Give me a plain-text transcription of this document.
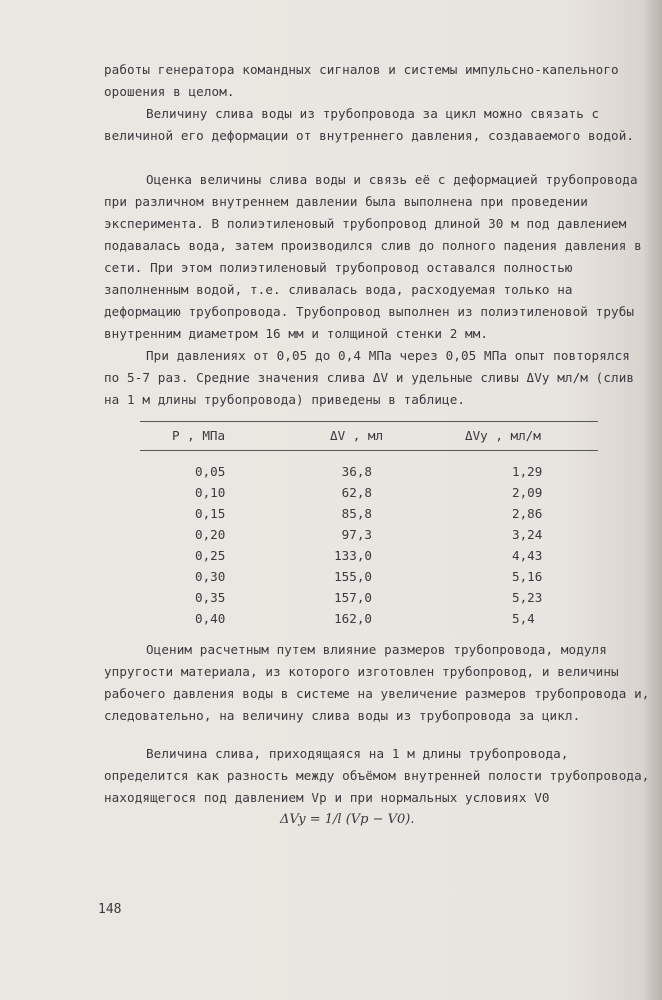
работы генератора командных сигналов и системы импульсно-капельного орошения в целом.

Величину слива воды из трубопровода за цикл можно связать с величиной его деформации от внутреннего давления, создаваемого водой.

Оценка величины слива воды и связь её с деформацией трубопровода при различном внутреннем давлении была выполнена при проведении эксперимента. В полиэтиленовый трубопровод длиной 30 м под давлением подавалась вода, затем производился слив до полного падения давления в сети. При этом полиэтиленовый трубопровод оставался полностью заполненным водой, т.е. сливалась вода, расходуемая только на деформацию трубопровода. Трубопровод выполнен из полиэтиленовой трубы внутренним диаметром 16 мм и толщиной стенки 2 мм.

При давлениях от 0,05 до 0,4 МПа через 0,05 МПа опыт повторялся по 5-7 раз. Средние значения слива ΔV и удельные сливы ΔVy мл/м (слив на 1 м длины трубопровода) приведены в таблице.

P , МПа	ΔV , мл	ΔVy , мл/м
0,05	36,8	1,29
0,10	62,8	2,09
0,15	85,8	2,86
0,20	97,3	3,24
0,25	133,0	4,43
0,30	155,0	5,16
0,35	157,0	5,23
0,40	162,0	5,4

Оценим расчетным путем влияние размеров трубопровода, модуля упругости материала, из которого изготовлен трубопровод, и величины рабочего давления воды в системе на увеличение размеров трубопровода и, следовательно, на величину слива воды из трубопровода за цикл.

Величина слива, приходящаяся на 1 м длины трубопровода, определится как разность между объёмом внутренней полости трубопровода, находящегося под давлением Vp и при нормальных условиях V0

ΔVy = 1/l (Vp − V0).
148
